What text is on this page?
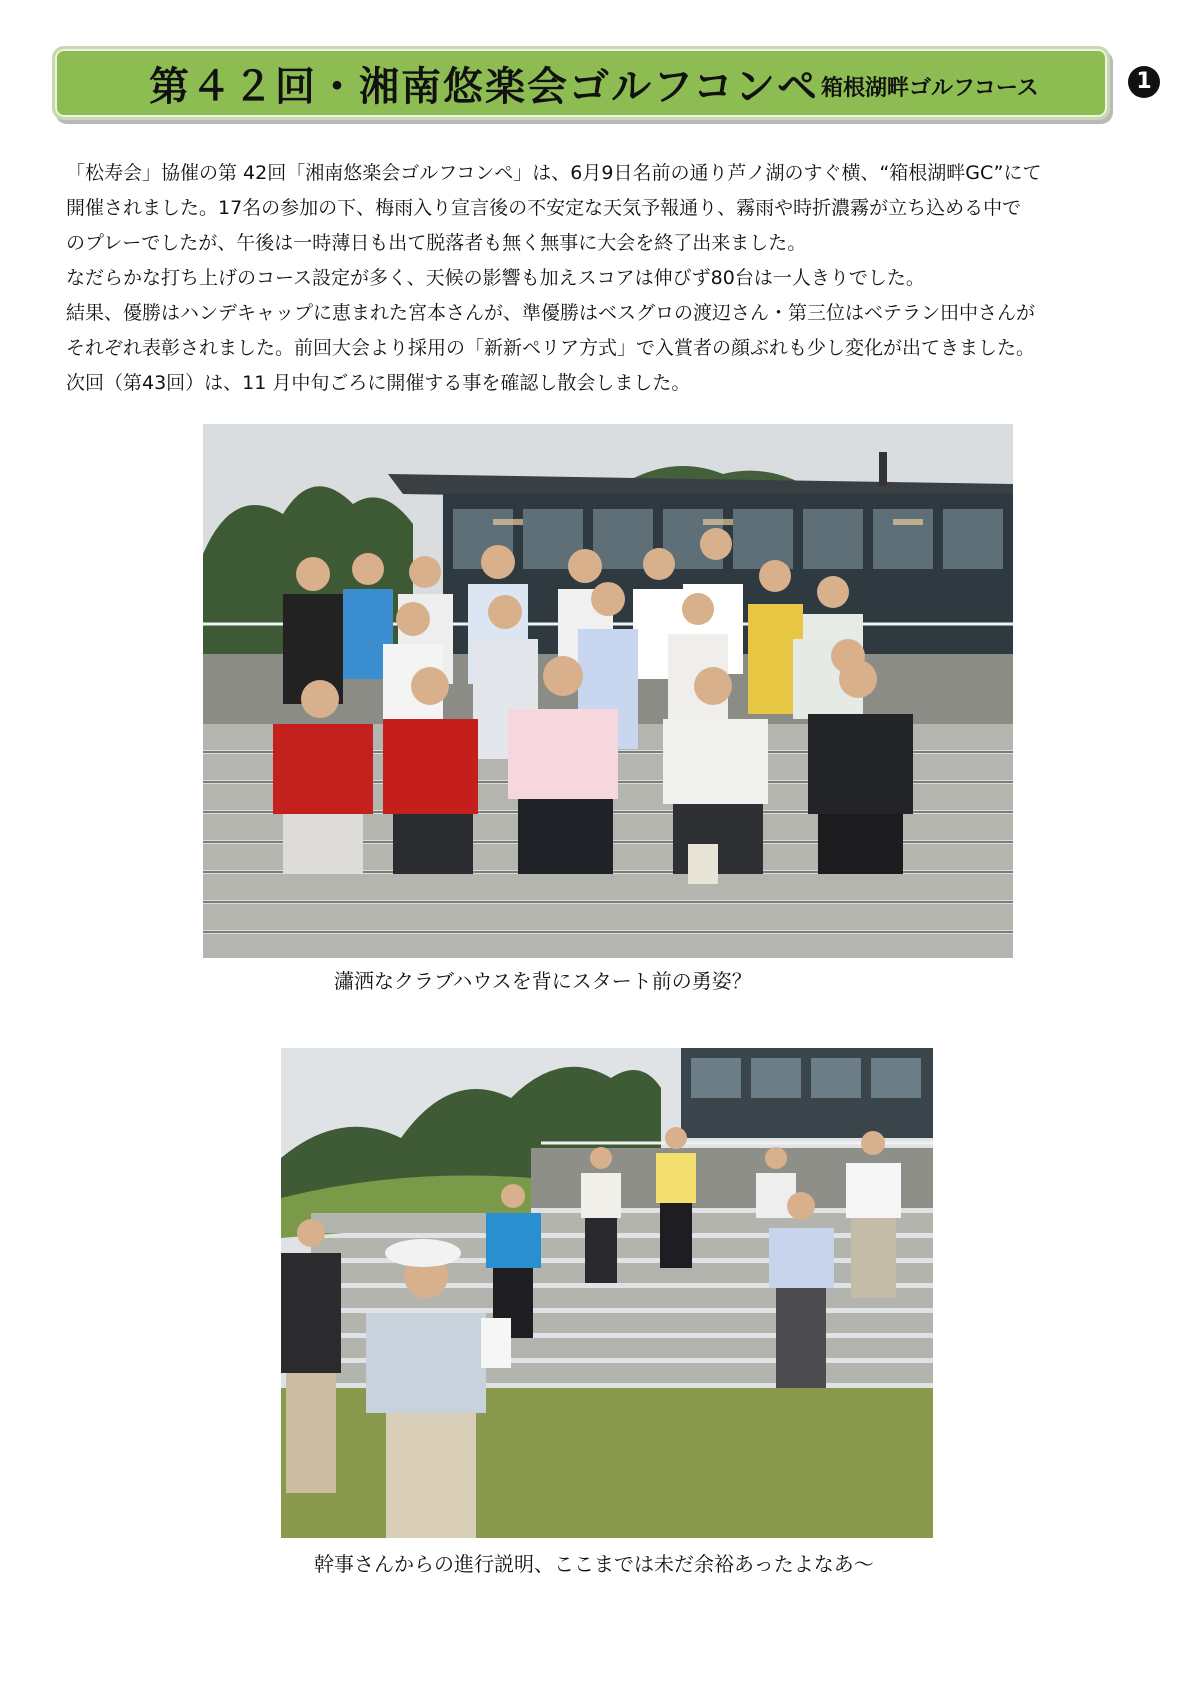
第４２回・湘南悠楽会ゴルフコンペ 箱根湖畔ゴルフコース	1

「松寿会」協催の第 42回「湘南悠楽会ゴルフコンペ」は、6月9日名前の通り芦ノ湖のすぐ横、“箱根湖畔GC”にて

開催されました。17名の参加の下、梅雨入り宣言後の不安定な天気予報通り、霧雨や時折濃霧が立ち込める中で

のプレーでしたが、午後は一時薄日も出て脱落者も無く無事に大会を終了出来ました。

なだらかな打ち上げのコース設定が多く、天候の影響も加えスコアは伸びず80台は一人きりでした。

結果、優勝はハンデキャップに恵まれた宮本さんが、準優勝はベスグロの渡辺さん・第三位はベテラン田中さんが

それぞれ表彰されました。前回大会より採用の「新新ペリア方式」で入賞者の顔ぶれも少し変化が出てきました。

次回（第43回）は、11 月中旬ごろに開催する事を確認し散会しました。

瀟洒なクラブハウスを背にスタート前の勇姿？
幹事さんからの進行説明、ここまでは未だ余裕あったよなあ～
